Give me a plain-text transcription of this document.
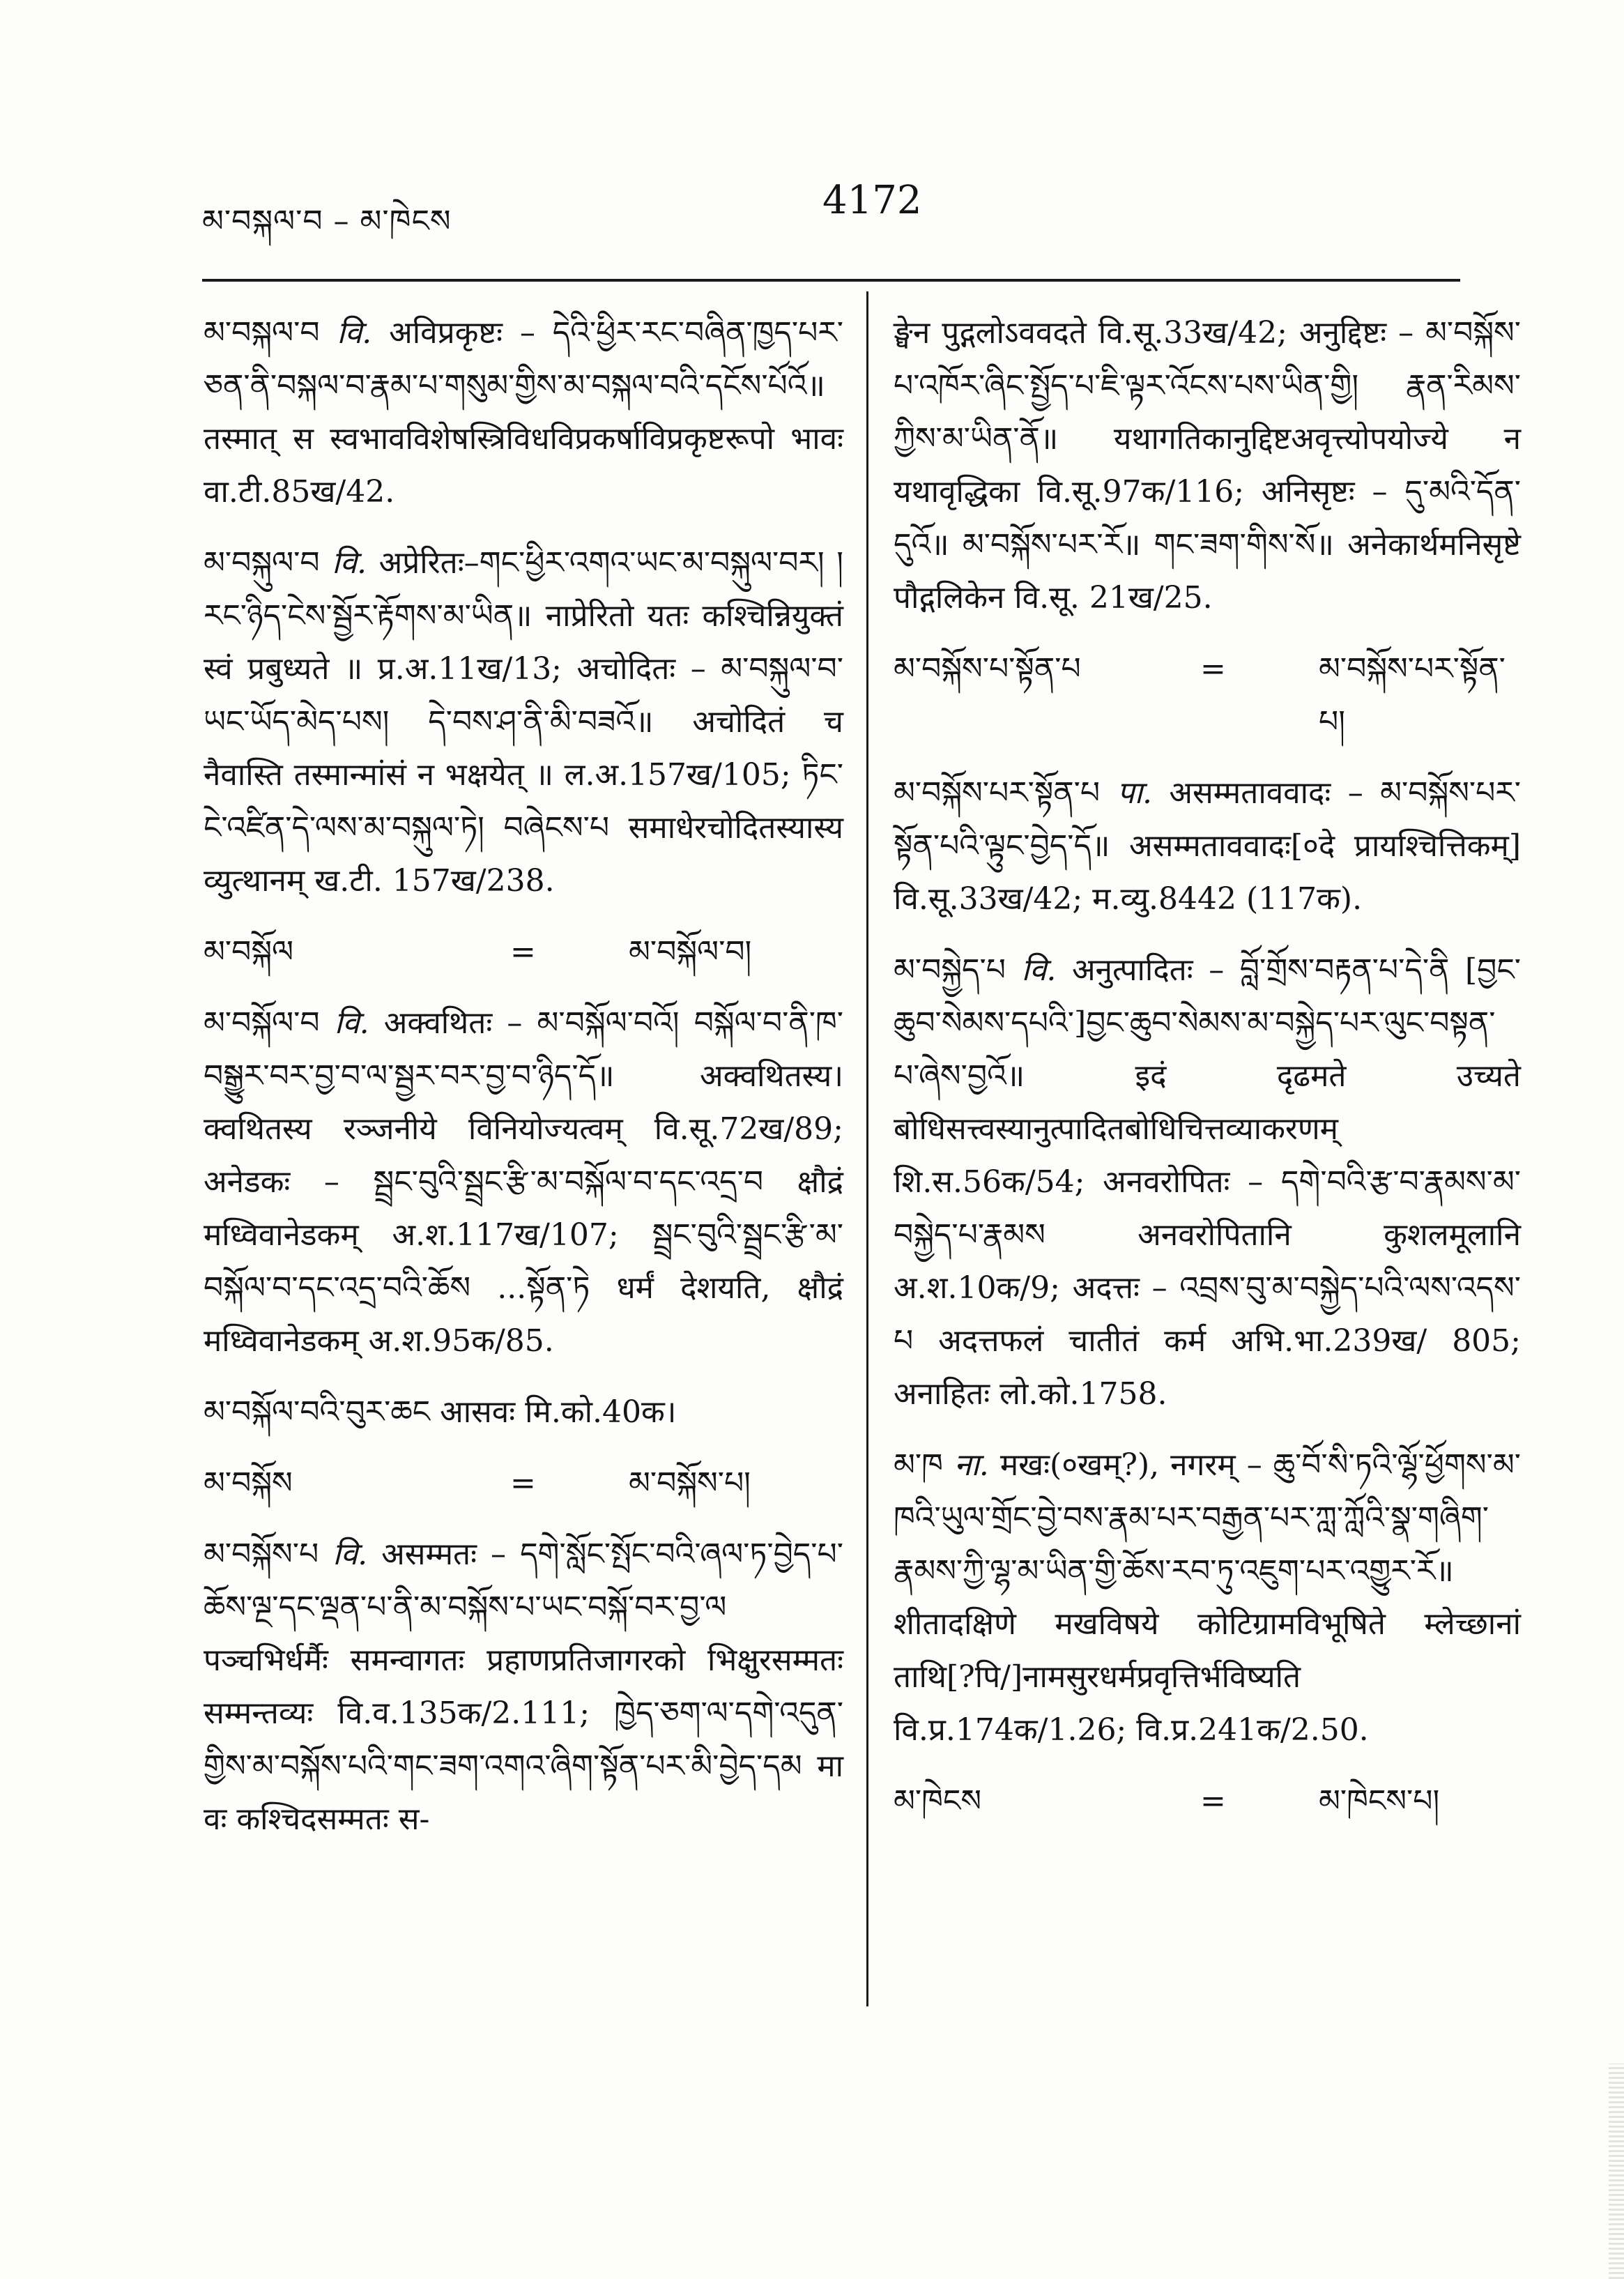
མ་བསྐལ་བ – མ་ཁེངས	4172

མ་བསྐལ་བ वि. अविप्रकृष्टः – དེའི་ཕྱིར་རང་བཞིན་ཁྱད་པར་ཅན་ནི་བསྐལ་བ་རྣམ་པ་གསུམ་གྱིས་མ་བསྐལ་བའི་དངོས་པོའོ॥ तस्मात् स स्वभावविशेषस्त्रिविधविप्रकर्षाविप्रकृष्टरूपो भावः वा.टी.85ख/42.

མ་བསྐུལ་བ वि. अप्रेरितः–གང་ཕྱིར་འགའ་ཡང་མ་བསྐུལ་བར། །རང་ཉིད་ངེས་སྦྱོར་རྟོགས་མ་ཡིན॥ नाप्रेरितो यतः कश्चिन्नियुक्तं स्वं प्रबुध्यते ॥ प्र.अ.11ख/13; अचोदितः – མ་བསྐུལ་བ་ཡང་ཡོད་མེད་པས། དེ་བས་ཤ་ནི་མི་བཟའོ॥ अचोदितं च नैवास्ति तस्मान्मांसं न भक्षयेत् ॥ ल.अ.157ख/105; ཏིང་ངེ་འཛིན་དེ་ལས་མ་བསྐུལ་ཏེ། བཞེངས་པ समाधेरचोदितस्यास्य व्युत्थानम् ख.टी. 157ख/238.

མ་བསྐོལ	=	མ་བསྐོལ་བ།

མ་བསྐོལ་བ वि. अक्वथितः – མ་བསྐོལ་བའོ། བསྐོལ་བ་ནི་ཁ་བསྒྱུར་བར་བྱ་བ་ལ་སྦྱར་བར་བྱ་བ་ཉིད་དོ॥ अक्वथितस्य। क्वथितस्य रञ्जनीये विनियोज्यत्वम् वि.सू.72ख/89; अनेडकः – སྦྲང་བུའི་སྦྲང་རྩི་མ་བསྐོལ་བ་དང་འདྲ་བ क्षौद्रं मध्विवानेडकम् अ.श.117ख/107; སྦྲང་བུའི་སྦྲང་རྩི་མ་བསྐོལ་བ་དང་འདྲ་བའི་ཆོས ...སྟོན་ཏེ धर्मं देशयति, क्षौद्रं मध्विवानेडकम् अ.श.95क/85.

མ་བསྐོལ་བའི་བུར་ཆང आसवः मि.को.40क।

མ་བསྐོས	=	མ་བསྐོས་པ།

མ་བསྐོས་པ वि. असम्मतः – དགེ་སློང་སྤོང་བའི་ཞལ་ཏ་བྱེད་པ་ཆོས་ལྔ་དང་ལྡན་པ་ནི་མ་བསྐོས་པ་ཡང་བསྐོ་བར་བྱ་ལ पञ्चभिर्धर्मैः समन्वागतः प्रहाणप्रतिजागरको भिक्षुरसम्मतः सम्मन्तव्यः वि.व.135क/2.111; ཁྱེད་ཅག་ལ་དགེ་འདུན་གྱིས་མ་བསྐོས་པའི་གང་ཟག་འགའ་ཞིག་སྟོན་པར་མི་བྱེད་དམ मा वः कश्चिदसम्मतः स-

ङ्घेन पुद्गलोऽववदते वि.सू.33ख/42; अनुद्दिष्टः – མ་བསྐོས་པ་འཁོར་ཞིང་སྤྱོད་པ་ཇི་ལྟར་འོངས་པས་ཡིན་གྱི། རྣན་རིམས་ཀྱིས་མ་ཡིན་ནོ॥ यथागतिकानुद्दिष्टअवृत्त्योपयोज्ये न यथावृद्धिका वि.सू.97क/116; अनिसृष्टः – དུ་མའི་དོན་དུའོ॥ མ་བསྐོས་པར་རོ॥ གང་ཟག་གིས་སོ॥ अनेकार्थमनिसृष्टे पौद्गलिकेन वि.सू. 21ख/25.

མ་བསྐོས་པ་སྟོན་པ	=	མ་བསྐོས་པར་སྟོན་པ།

མ་བསྐོས་པར་སྟོན་པ पा. असम्मताववादः – མ་བསྐོས་པར་སྟོན་པའི་ལྟུང་བྱེད་དོ॥ असम्मताववादः[०दे प्रायश्चित्तिकम्] वि.सू.33ख/42; म.व्यु.8442 (117क).

མ་བསྐྱེད་པ वि. अनुत्पादितः – བློ་གྲོས་བརྟན་པ་དེ་ནི [བྱང་ཆུབ་སེམས་དཔའི་]བྱང་ཆུབ་སེམས་མ་བསྐྱེད་པར་ལུང་བསྟན་པ་ཞེས་བྱའོ॥ इदं दृढमते उच्यते बोधिसत्त्वस्यानुत्पादितबोधिचित्तव्याकरणम् शि.स.56क/54; अनवरोपितः – དགེ་བའི་རྩ་བ་རྣམས་མ་བསྐྱེད་པ་རྣམས अनवरोपितानि कुशलमूलानि अ.श.10क/9; अदत्तः – འབྲས་བུ་མ་བསྐྱེད་པའི་ལས་འདས་པ अदत्तफलं चातीतं कर्म अभि.भा.239ख/ 805; अनाहितः लो.को.1758.

མ་ཁ ना. मखः(०खम्?), नगरम् – ཆུ་བོ་སི་ཏའི་ལྷོ་ཕྱོགས་མ་ཁའི་ཡུལ་གྲོང་བྱེ་བས་རྣམ་པར་བརྒྱན་པར་ཀླ་ཀློའི་སྣ་གཞིག་རྣམས་ཀྱི་ལྷ་མ་ཡིན་གྱི་ཆོས་རབ་ཏུ་འཇུག་པར་འགྱུར་རོ॥ शीतादक्षिणे मखविषये कोटिग्रामविभूषिते म्लेच्छानां ताथि[?पि/]नामसुरधर्मप्रवृत्तिर्भविष्यति वि.प्र.174क/1.26; वि.प्र.241क/2.50.

མ་ཁེངས	=	མ་ཁེངས་པ།
